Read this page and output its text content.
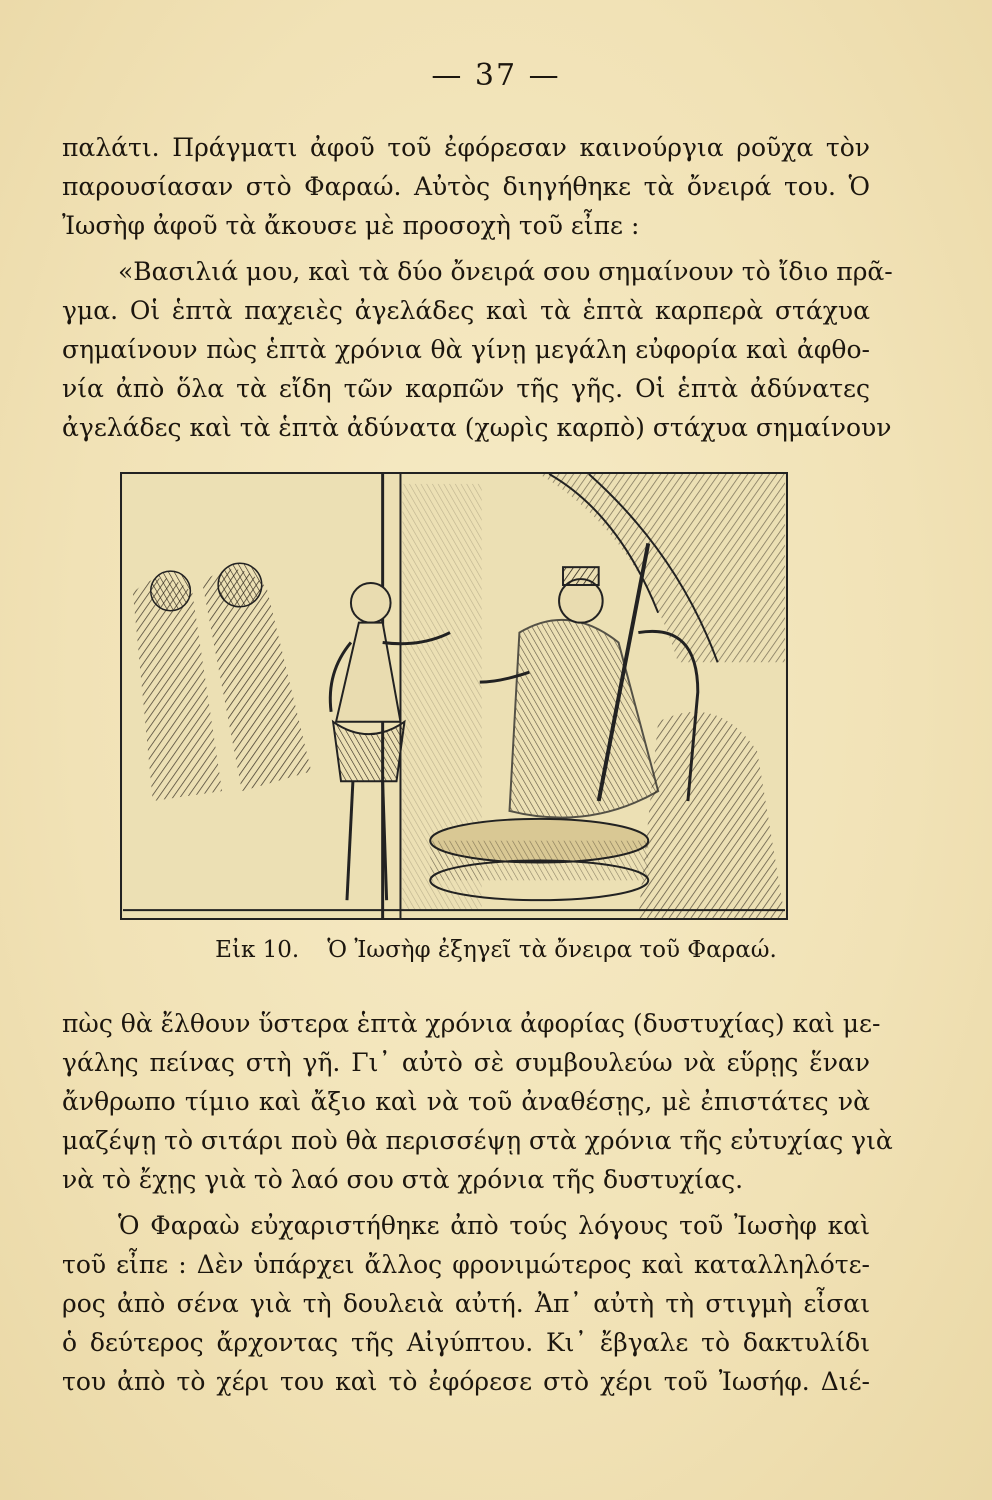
— 37 —
παλάτι. Πράγματι ἀφοῦ τοῦ ἐφόρεσαν καινούργια ροῦχα τὸν
παρουσίασαν στὸ Φαραώ. Αὐτὸς διηγήθηκε τὰ ὄνειρά του. Ὁ
Ἰωσὴφ ἀφοῦ τὰ ἄκουσε μὲ προσοχὴ τοῦ εἶπε :
«Βασιλιά μου, καὶ τὰ δύο ὄνειρά σου σημαίνουν τὸ ἴδιο πρᾶ-
γμα. Οἱ ἑπτὰ παχειὲς ἀγελάδες καὶ τὰ ἑπτὰ καρπερὰ στάχυα
σημαίνουν πὼς ἑπτὰ χρόνια θὰ γίνῃ μεγάλη εὐφορία καὶ ἀφθο-
νία ἀπὸ ὅλα τὰ εἴδη τῶν καρπῶν τῆς γῆς. Οἱ ἑπτὰ ἀδύνατες
ἀγελάδες καὶ τὰ ἑπτὰ ἀδύνατα (χωρὶς καρπὸ) στάχυα σημαίνουν
Εἰκ 10. Ὁ Ἰωσὴφ ἐξηγεῖ τὰ ὄνειρα τοῦ Φαραώ.
πὼς θὰ ἔλθουν ὕστερα ἑπτὰ χρόνια ἀφορίας (δυστυχίας) καὶ με-
γάλης πείνας στὴ γῆ. Γι᾽ αὐτὸ σὲ συμβουλεύω νὰ εὕρῃς ἕναν
ἄνθρωπο τίμιο καὶ ἄξιο καὶ νὰ τοῦ ἀναθέσῃς, μὲ ἐπιστάτες νὰ
μαζέψῃ τὸ σιτάρι ποὺ θὰ περισσέψῃ στὰ χρόνια τῆς εὐτυχίας γιὰ
νὰ τὸ ἔχῃς γιὰ τὸ λαό σου στὰ χρόνια τῆς δυστυχίας.
Ὁ Φαραὼ εὐχαριστήθηκε ἀπὸ τούς λόγους τοῦ Ἰωσὴφ καὶ
τοῦ εἶπε : Δὲν ὑπάρχει ἄλλος φρονιμώτερος καὶ καταλληλότε-
ρος ἀπὸ σένα γιὰ τὴ δουλειὰ αὐτή. Ἀπ᾽ αὐτὴ τὴ στιγμὴ εἶσαι
ὁ δεύτερος ἄρχοντας τῆς Αἰγύπτου. Κι᾽ ἔβγαλε τὸ δακτυλίδι
του ἀπὸ τὸ χέρι του καὶ τὸ ἐφόρεσε στὸ χέρι τοῦ Ἰωσήφ. Διέ-
